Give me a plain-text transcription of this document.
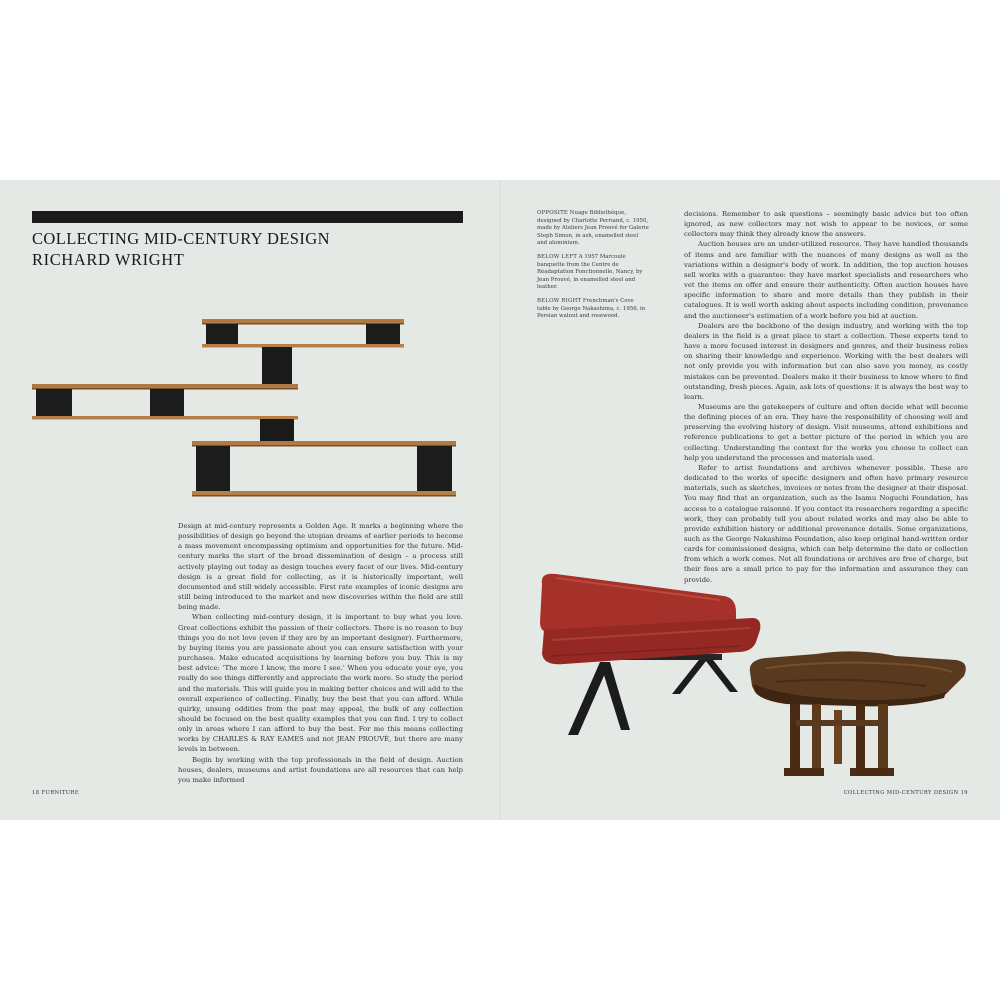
COLLECTING MID-CENTURY DESIGN
RICHARD WRIGHT

Design at mid-century represents a Golden Age. It marks a beginning where the possibilities of design go beyond the utopian dreams of earlier periods to become a mass movement encompassing optimism and opportunities for the future. Mid-century marks the start of the broad dissemination of design – a process still actively playing out today as design touches every facet of our lives. Mid-century design is a great field for collecting, as it is historically important, well documented and still widely accessible. First rate examples of iconic designs are still being introduced to the market and new discoveries within the field are still being made.

When collecting mid-century design, it is important to buy what you love. Great collections exhibit the passion of their collectors. There is no reason to buy things you do not love (even if they are by an important designer). Furthermore, by buying items you are passionate about you can ensure satisfaction with your purchases. Make educated acquisitions by learning before you buy. This is my best advice: 'The more I know, the more I see.' When you educate your eye, you really do see things differently and appreciate the work more. So study the period and the materials. This will guide you in making better choices and will add to the overall experience of collecting. Finally, buy the best that you can afford. While quirky, unsung oddities from the past may appeal, the bulk of any collection should be focused on the best quality examples that you can find. I try to collect only in areas where I can afford to buy the best. For me this means collecting works by CHARLES & RAY EAMES and not JEAN PROUVÉ, but there are many levels in between.

Begin by working with the top professionals in the field of design. Auction houses, dealers, museums and artist foundations are all resources that can help you make informed

18 FURNITURE

OPPOSITE Nuage Bibliothèque, designed by Charlotte Perriand, c. 1950, made by Ateliers Jean Prouvé for Galerie Steph Simon, in ash, enamelled steel and aluminium.

BELOW LEFT A 1957 Marcoule banquette from the Centre de Réadaptation Fonctionnelle, Nancy, by Jean Prouvé, in enamelled steel and leather.

BELOW RIGHT Frenchman's Cove table by George Nakashima, c. 1956, in Persian walnut and rosewood.

decisions. Remember to ask questions – seemingly basic advice but too often ignored, as new collectors may not wish to appear to be novices, or some collectors may think they already know the answers.

Auction houses are an under-utilized resource. They have handled thousands of items and are familiar with the nuances of many designs as well as the variations within a designer's body of work. In addition, the top auction houses sell works with a guarantee: they have market specialists and researchers who vet the items on offer and ensure their authenticity. Often auction houses have specific information to share and more details than they publish in their catalogues. It is well worth asking about aspects including condition, provenance and the auctioneer's estimation of a work before you bid at auction.

Dealers are the backbone of the design industry, and working with the top dealers in the field is a great place to start a collection. These experts tend to have a more focused interest in designers and genres, and their business relies on sharing their knowledge and experience. Working with the best dealers will not only provide you with information but can also save you money, as costly mistakes can be prevented. Dealers make it their business to know where to find outstanding, fresh pieces. Again, ask lots of questions: it is always the best way to learn.

Museums are the gatekeepers of culture and often decide what will become the defining pieces of an era. They have the responsibility of choosing well and preserving the evolving history of design. Visit museums, attend exhibitions and reference publications to get a better picture of the period in which you are collecting. Understanding the context for the works you choose to collect can help you understand the processes and materials used.

Refer to artist foundations and archives whenever possible. These are dedicated to the works of specific designers and often have primary resource materials, such as sketches, invoices or notes from the designer at their disposal. You may find that an organization, such as the Isamu Noguchi Foundation, has access to a catalogue raisonné. If you contact its researchers regarding a specific work, they can probably tell you about related works and may also be able to provide exhibition history or additional provenance details. Some organizations, such as the George Nakashima Foundation, also keep original hand-written order cards for commissioned designs, which can help determine the date or collection from which a work comes. Not all foundations or archives are free of charge, but their fees are a small price to pay for the information and assurance they can provide.

COLLECTING MID-CENTURY DESIGN 19
